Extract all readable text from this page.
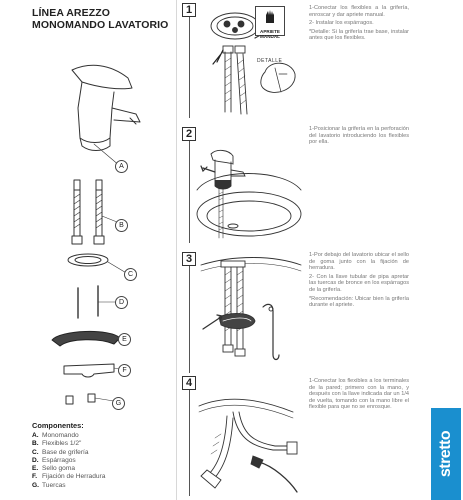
LÍNEA AREZZO
MONOMANDO LAVATORIO
A
B
C
D
E
F
G
Componentes:
A. Monomando
B. Flexibles 1/2"
C. Base de grifería
D. Espárragos
E. Sello goma
F. Fijación de Herradura
G. Tuercas
1
APRIETE MANUAL
DETALLE

1-Conectar los flexibles a la grifería, enroscar y dar apriete manual.

2- Instalar los espárragos.

*Detalle: Si la grifería trae base, instalar antes que los flexibles.

2	1-Posicionar la grifería en la perforación del lavatorio introduciendo los flexibles por ella.

3	1-Por debajo del lavatorio ubicar el sello de goma junto con la fijación de herradura.

2- Con la llave tubular de pipa apretar las tuercas de bronce en los espárragos de la grifería.

*Recomendación: Ubicar bien la grifería durante el apriete.

4	1-Conectar los flexibles a los terminales de la pared; primero con la mano, y después con la llave indicada dar un 1/4 de vuelta, tomando con la mano libre el flexible para que no se enrosque.

stretto
